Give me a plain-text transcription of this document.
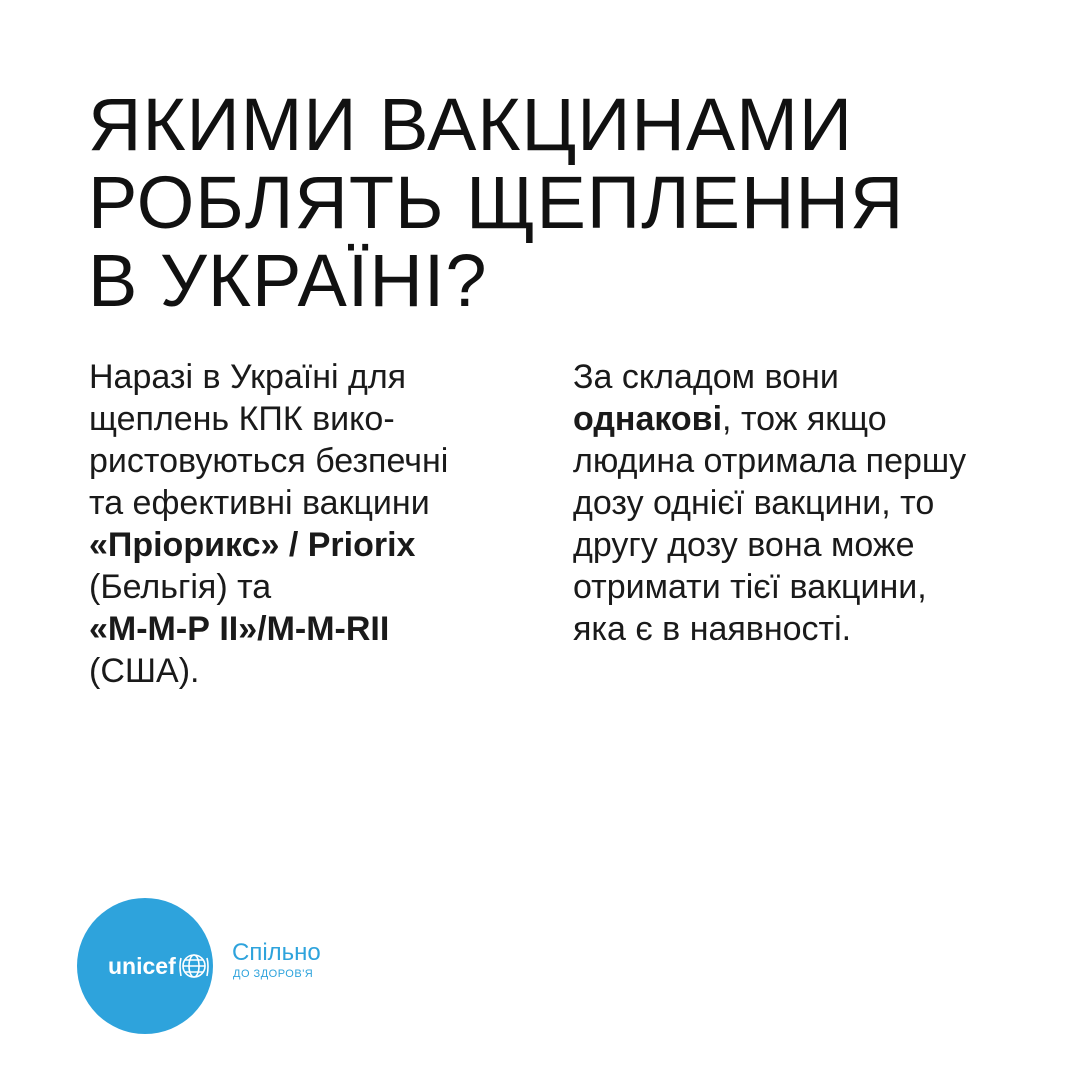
ЯКИМИ ВАКЦИНАМИ
РОБЛЯТЬ ЩЕПЛЕННЯ
В УКРАЇНІ?
Наразі в Україні для
щеплень КПК вико-
ристовуються безпечні
та ефективні вакцини
«Пріорикс» / Priorix
(Бельгія) та
«М-М-Р ІІ»/M-M-RII
(США).
За складом вони
однакові, тож якщо
людина отримала першу
дозу однієї вакцини, то
другу дозу вона може
отримати тієї вакцини,
яка є в наявності.
unicef Спільно
ДО ЗДОРОВ'Я
